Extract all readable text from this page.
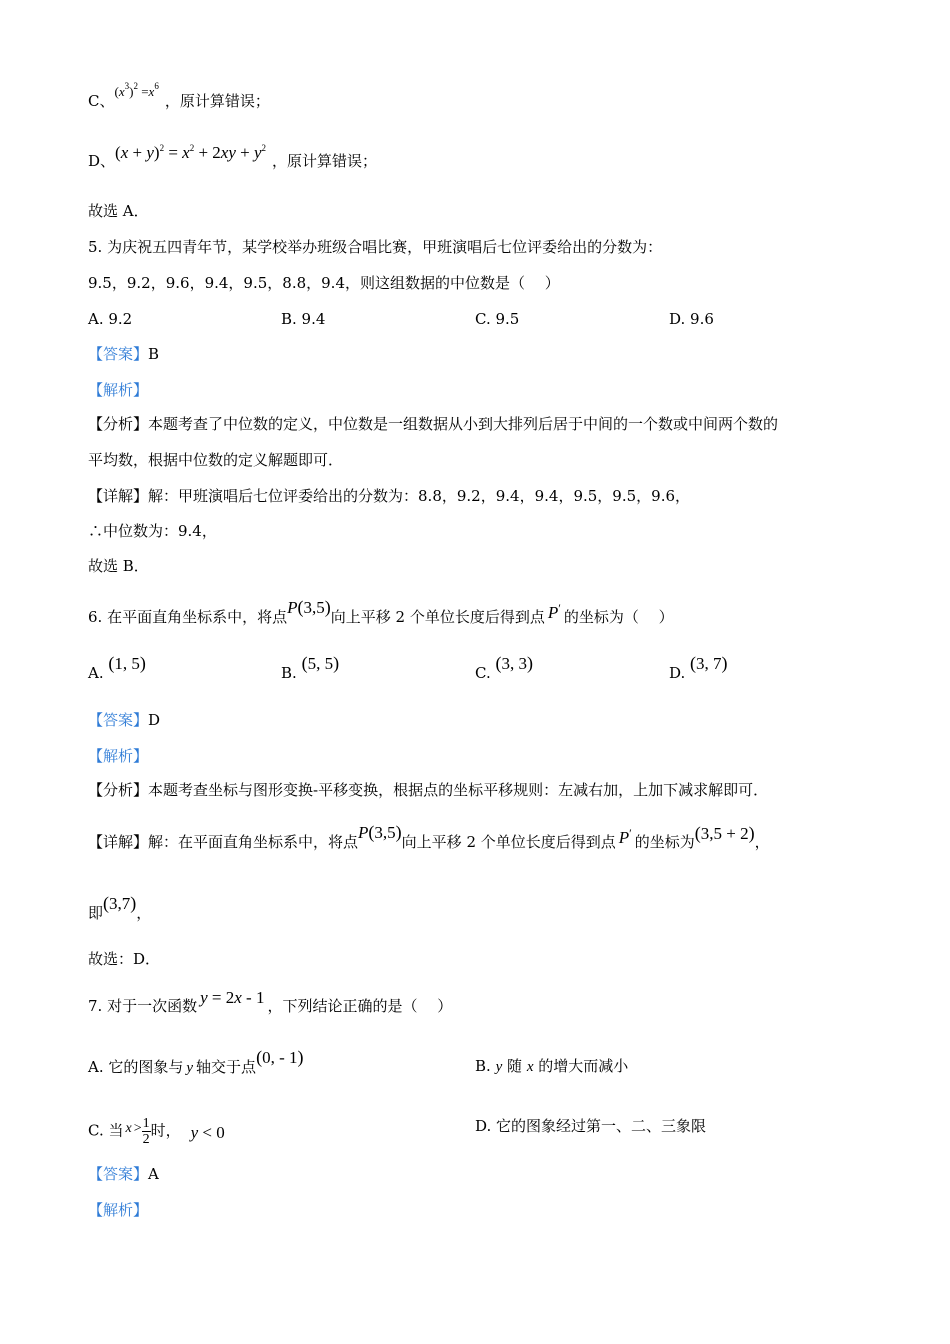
C、$(x^3)^2 =x^6$，原计算错误；
D、$(x + y)^2 = x^2 + 2xy + y^2$，原计算错误；
故选 A．
5. 为庆祝五四青年节，某学校举办班级合唱比赛，甲班演唱后七位评委给出的分数为：
9.5，9.2，9.6，9.4，9.5，8.8，9.4，则这组数据的中位数是（　 ）
A. 9.2	B. 9.4	C. 9.5	D. 9.6
【答案】B
【解析】
【分析】本题考查了中位数的定义，中位数是一组数据从小到大排列后居于中间的一个数或中间两个数的
平均数，根据中位数的定义解题即可．
【详解】解：甲班演唱后七位评委给出的分数为：8.8，9.2，9.4，9.4，9.5，9.5，9.6，
∴中位数为：9.4，
故选 B．
6. 在平面直角坐标系中，将点P(3,5)向上平移 2 个单位长度后得到点 P′ 的坐标为（　 ）
A. (1, 5)	B. (5, 5)	C. (3, 3)	D. (3, 7)
【答案】D
【解析】
【分析】本题考查坐标与图形变换-平移变换，根据点的坐标平移规则：左减右加，上加下减求解即可．
【详解】解：在平面直角坐标系中，将点P(3,5)向上平移 2 个单位长度后得到点 P′ 的坐标为(3,5 + 2)，
即(3,7)，
故选：D．
7. 对于一次函数 y = 2x - 1 ，下列结论正确的是（　 ）
A. 它的图象与 y 轴交于点(0, - 1)	B. y 随 x 的增大而减小
C. 当 $x > \frac{1}{2}$ 时， y < 0	D. 它的图象经过第一、二、三象限
【答案】A
【解析】
